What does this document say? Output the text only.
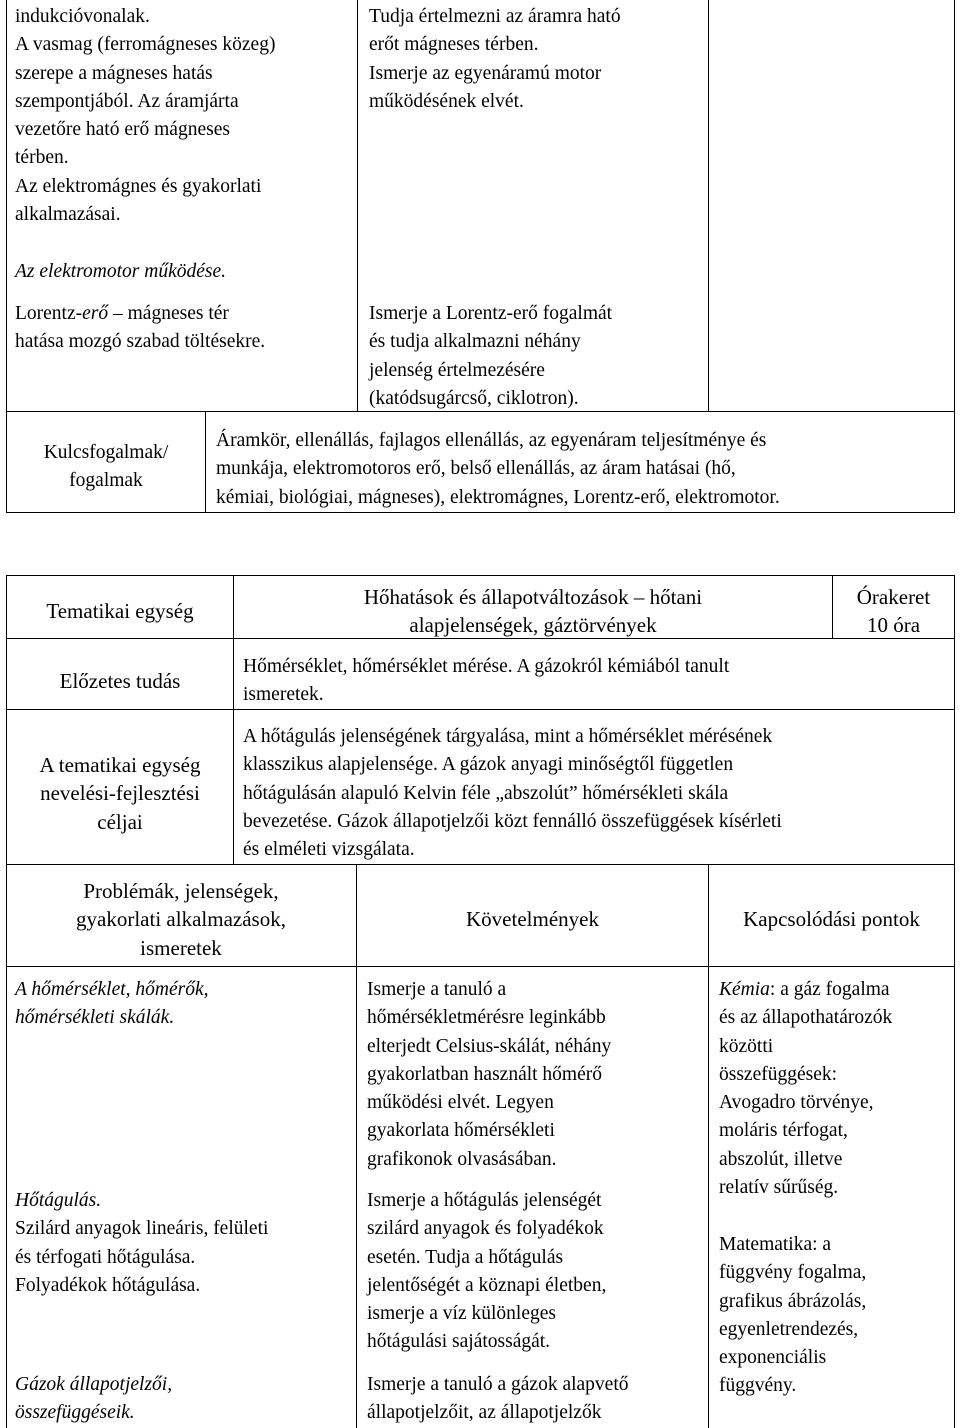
indukcióvonalak.
A vasmag (ferromágneses közeg)
szerepe a mágneses hatás
szempontjából. Az áramjárta
vezetőre ható erő mágneses
térben.
Az elektromágnes és gyakorlati
alkalmazásai.
Tudja értelmezni az áramra ható
erőt mágneses térben.
Ismerje az egyenáramú motor
működésének elvét.
Az elektromotor működése.
Lorentz-erő – mágneses tér
hatása mozgó szabad töltésekre.
Ismerje a Lorentz-erő fogalmát
és tudja alkalmazni néhány
jelenség értelmezésére
(katódsugárcső, ciklotron).
Kulcsfogalmak/
fogalmak
Áramkör, ellenállás, fajlagos ellenállás, az egyenáram teljesítménye és
munkája, elektromotoros erő, belső ellenállás, az áram hatásai (hő,
kémiai, biológiai, mágneses), elektromágnes, Lorentz-erő, elektromotor.
Tematikai egység
Hőhatások és állapotváltozások – hőtani
alapjelenségek, gáztörvények
Órakeret
10 óra
Előzetes tudás
Hőmérséklet, hőmérséklet mérése. A gázokról kémiából tanult
ismeretek.
A tematikai egység
nevelési-fejlesztési
céljai
A hőtágulás jelenségének tárgyalása, mint a hőmérséklet mérésének
klasszikus alapjelensége. A gázok anyagi minőségtől független
hőtágulásán alapuló Kelvin féle „abszolút” hőmérsékleti skála
bevezetése. Gázok állapotjelzői közt fennálló összefüggések kísérleti
és elméleti vizsgálata.
Problémák, jelenségek,
gyakorlati alkalmazások,
ismeretek
Követelmények	Kapcsolódási pontok
A hőmérséklet, hőmérők,
hőmérsékleti skálák.
Hőtágulás.
Szilárd anyagok lineáris, felületi
és térfogati hőtágulása.
Folyadékok hőtágulása.
Gázok állapotjelzői,
összefüggéseik.
Ismerje a tanuló a
hőmérsékletmérésre leginkább
elterjedt Celsius-skálát, néhány
gyakorlatban használt hőmérő
működési elvét. Legyen
gyakorlata hőmérsékleti
grafikonok olvasásában.
Ismerje a hőtágulás jelenségét
szilárd anyagok és folyadékok
esetén. Tudja a hőtágulás
jelentőségét a köznapi életben,
ismerje a víz különleges
hőtágulási sajátosságát.
Ismerje a tanuló a gázok alapvető
állapotjelzőit, az állapotjelzők
Kémia: a gáz fogalma
és az állapothatározók
közötti
összefüggések:
Avogadro törvénye,
moláris térfogat,
abszolút, illetve
relatív sűrűség.
Matematika: a
függvény fogalma,
grafikus ábrázolás,
egyenletrendezés,
exponenciális
függvény.
